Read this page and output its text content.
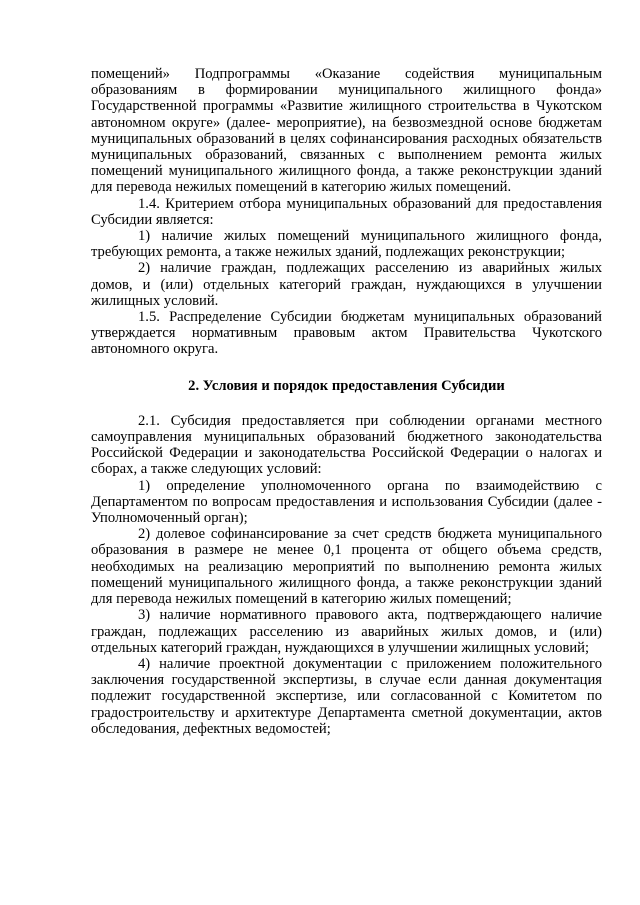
помещений» Подпрограммы «Оказание содействия муниципальным образованиям в формировании муниципального жилищного фонда» Государственной программы «Развитие жилищного строительства в Чукотском автономном округе» (далее- мероприятие), на безвозмездной основе бюджетам муниципальных образований в целях софинансирования расходных обязательств муниципальных образований, связанных с выполнением ремонта жилых помещений муниципального жилищного фонда, а также реконструкции зданий для перевода нежилых помещений в категорию жилых помещений.

1.4. Критерием отбора муниципальных образований для предоставления Субсидии является:

1) наличие жилых помещений муниципального жилищного фонда, требующих ремонта, а также нежилых зданий, подлежащих реконструкции;

2) наличие граждан, подлежащих расселению из аварийных жилых домов, и (или) отдельных категорий граждан, нуждающихся в улучшении жилищных условий.

1.5. Распределение Субсидии бюджетам муниципальных образований утверждается нормативным правовым актом Правительства Чукотского автономного округа.

2. Условия и порядок предоставления Субсидии

2.1. Субсидия предоставляется при соблюдении органами местного самоуправления муниципальных образований бюджетного законодательства Российской Федерации и законодательства Российской Федерации о налогах и сборах, а также следующих условий:

1) определение уполномоченного органа по взаимодействию с Департаментом по вопросам предоставления и использования Субсидии (далее - Уполномоченный орган);

2) долевое софинансирование за счет средств бюджета муниципального образования в размере не менее 0,1 процента от общего объема средств, необходимых на реализацию мероприятий по выполнению ремонта жилых помещений муниципального жилищного фонда, а также реконструкции зданий для перевода нежилых помещений в категорию жилых помещений;

3) наличие нормативного правового акта, подтверждающего наличие граждан, подлежащих расселению из аварийных жилых домов, и (или) отдельных категорий граждан, нуждающихся в улучшении жилищных условий;

4) наличие проектной документации с приложением положительного заключения государственной экспертизы, в случае если данная документация подлежит государственной экспертизе, или согласованной с Комитетом по градостроительству и архитектуре Департамента сметной документации, актов обследования, дефектных ведомостей;
